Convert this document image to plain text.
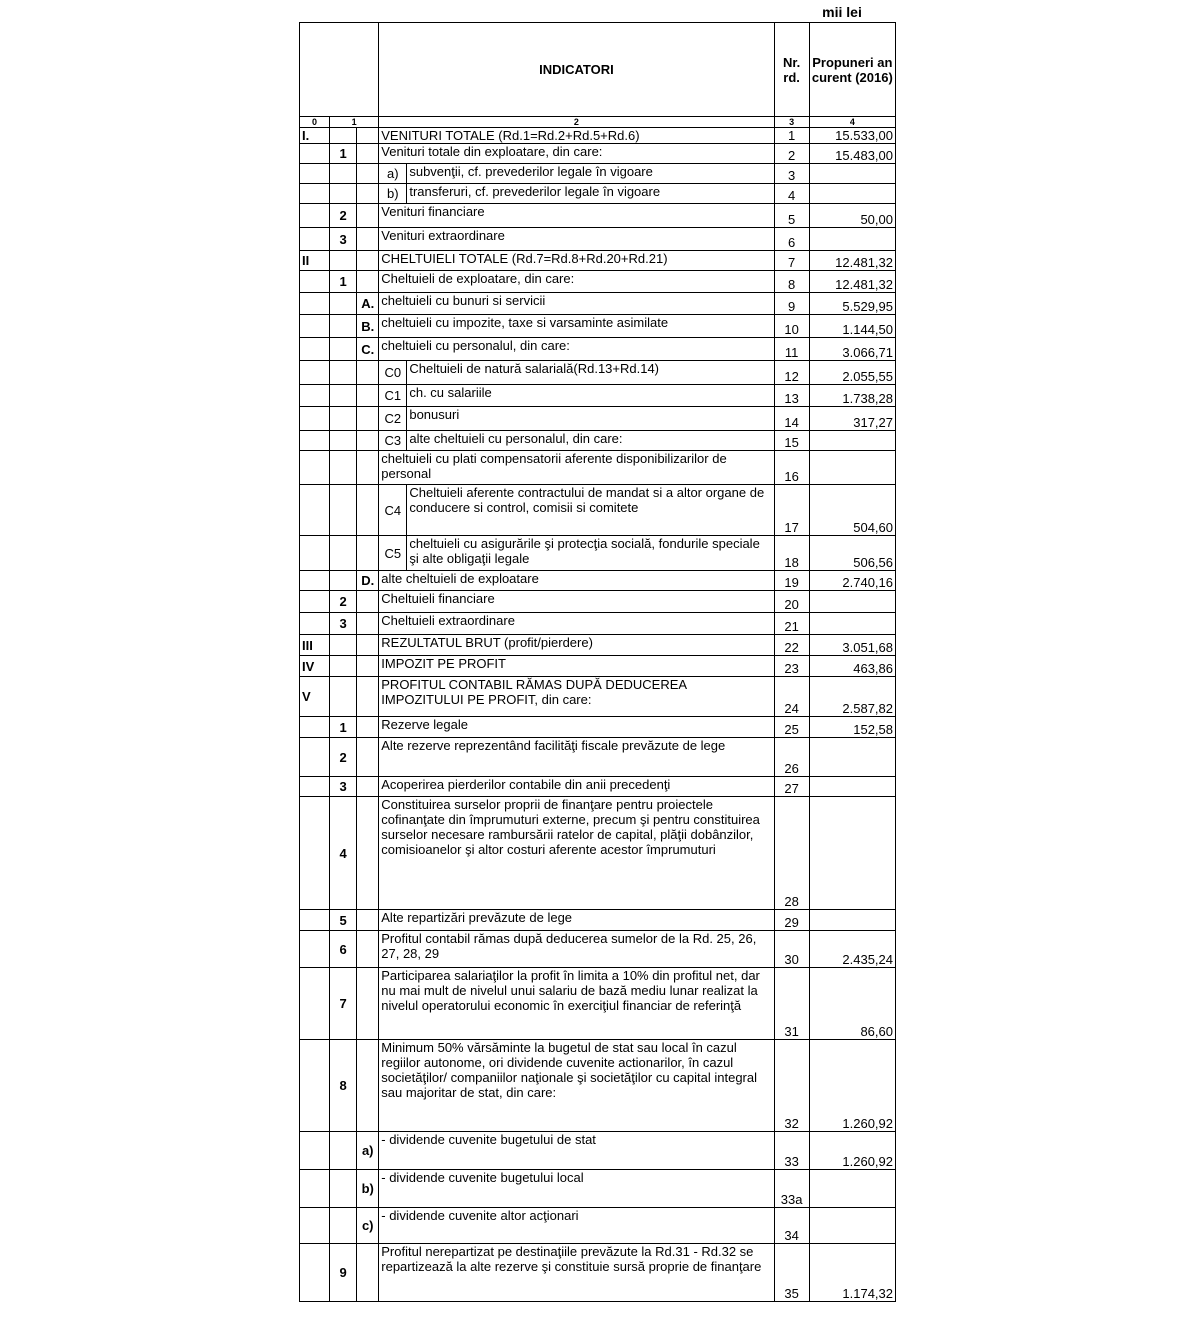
mii lei
			INDICATORI		Nr. rd.	Propuneri an curent (2016)
0	1		2		3	4
I.			VENITURI TOTALE (Rd.1=Rd.2+Rd.5+Rd.6)		1	15.533,00
	1		Venituri totale din exploatare, din care:		2	15.483,00
			a)	subvenţii, cf. prevederilor legale în vigoare	3	
			b)	transferuri, cf. prevederilor legale în vigoare	4	
	2		Venituri financiare		5	50,00
	3		Venituri extraordinare		6	
II			CHELTUIELI TOTALE (Rd.7=Rd.8+Rd.20+Rd.21)		7	12.481,32
	1		Cheltuieli de exploatare, din care:		8	12.481,32
		A.	cheltuieli cu bunuri si servicii		9	5.529,95
		B.	cheltuieli cu impozite, taxe si varsaminte asimilate		10	1.144,50
		C.	cheltuieli cu personalul, din care:		11	3.066,71
			C0	Cheltuieli de natură salarială(Rd.13+Rd.14)	12	2.055,55
			C1	ch. cu salariile	13	1.738,28
			C2	bonusuri	14	317,27
			C3	alte cheltuieli cu personalul, din care:	15	
			cheltuieli cu plati compensatorii aferente disponibilizarilor de personal		16	
			C4	Cheltuieli aferente contractului de mandat si a altor organe de conducere si control, comisii si comitete	17	504,60
			C5	cheltuieli cu asigurările şi protecţia socială, fondurile speciale şi alte obligaţii legale	18	506,56
		D.	alte cheltuieli de exploatare		19	2.740,16
	2		Cheltuieli financiare		20	
	3		Cheltuieli extraordinare		21	
III			REZULTATUL BRUT (profit/pierdere)		22	3.051,68
IV			IMPOZIT PE PROFIT		23	463,86
V			PROFITUL CONTABIL RĂMAS DUPĂ DEDUCEREA IMPOZITULUI PE PROFIT, din care:		24	2.587,82
	1		Rezerve legale		25	152,58
	2		Alte rezerve reprezentând facilităţi fiscale prevăzute de lege		26	
	3		Acoperirea pierderilor contabile din anii precedenţi		27	
	4		Constituirea surselor proprii de finanţare pentru proiectele cofinanţate din împrumuturi externe, precum şi pentru constituirea surselor necesare rambursării ratelor de capital, plăţii dobânzilor, comisioanelor şi altor costuri aferente acestor împrumuturi		28	
	5		Alte repartizări prevăzute de lege		29	
	6		Profitul contabil rămas după deducerea sumelor de la Rd. 25, 26, 27, 28, 29		30	2.435,24
	7		Participarea salariaţilor la profit în limita a 10% din profitul net, dar nu mai mult de nivelul unui salariu de bază mediu lunar realizat la nivelul operatorului economic în exerciţiul financiar de referinţă		31	86,60
	8		Minimum 50% vărsăminte la bugetul de stat sau local în cazul regiilor autonome, ori dividende cuvenite actionarilor, în cazul societăţilor/ companiilor naţionale şi societăţilor cu capital integral sau majoritar de stat, din care:		32	1.260,92
		a)	- dividende cuvenite bugetului de stat		33	1.260,92
		b)	- dividende cuvenite bugetului local		33a	
		c)	- dividende cuvenite altor acţionari		34	
	9		Profitul nerepartizat pe destinaţiile prevăzute la Rd.31 - Rd.32 se repartizează la alte rezerve şi constituie sursă proprie de finanţare		35	1.174,32
